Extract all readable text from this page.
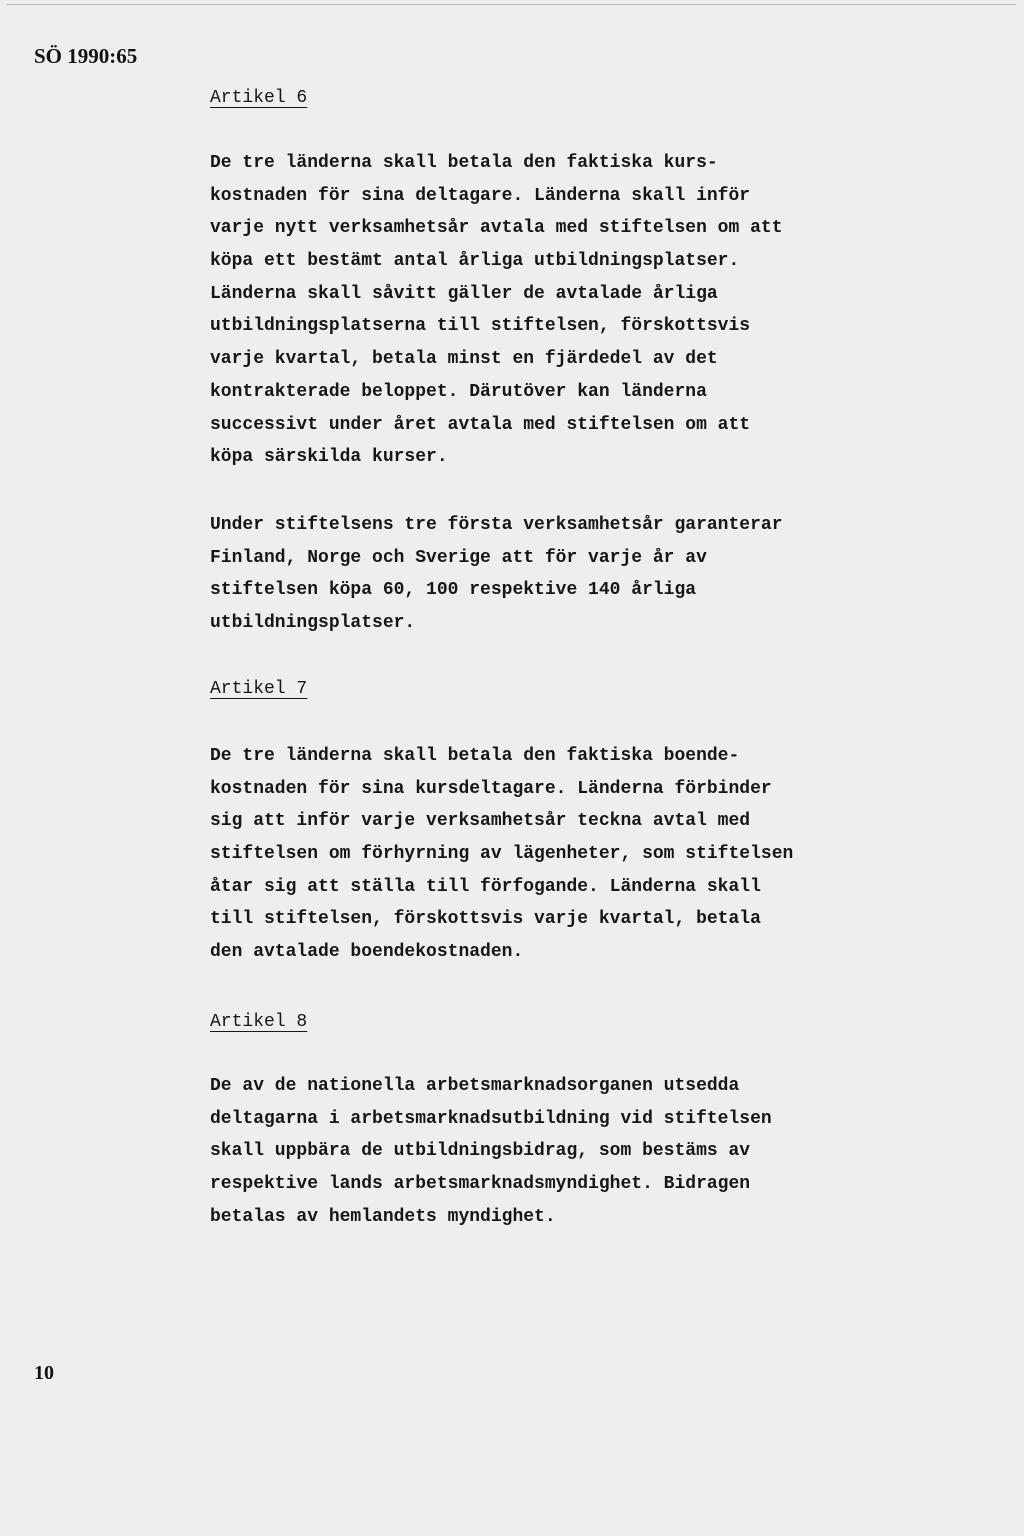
SÖ 1990:65
Artikel 6
De tre länderna skall betala den faktiska kurs-
kostnaden för sina deltagare. Länderna skall inför
varje nytt verksamhetsår avtala med stiftelsen om att
köpa ett bestämt antal årliga utbildningsplatser.
Länderna skall såvitt gäller de avtalade årliga
utbildningsplatserna till stiftelsen, förskottsvis
varje kvartal, betala minst en fjärdedel av det
kontrakterade beloppet. Därutöver kan länderna
successivt under året avtala med stiftelsen om att
köpa särskilda kurser.
Under stiftelsens tre första verksamhetsår garanterar
Finland, Norge och Sverige att för varje år av
stiftelsen köpa 60, 100 respektive 140 årliga
utbildningsplatser.
Artikel 7
De tre länderna skall betala den faktiska boende-
kostnaden för sina kursdeltagare. Länderna förbinder
sig att inför varje verksamhetsår teckna avtal med
stiftelsen om förhyrning av lägenheter, som stiftelsen
åtar sig att ställa till förfogande. Länderna skall
till stiftelsen, förskottsvis varje kvartal, betala
den avtalade boendekostnaden.
Artikel 8
De av de nationella arbetsmarknadsorganen utsedda
deltagarna i arbetsmarknadsutbildning vid stiftelsen
skall uppbära de utbildningsbidrag, som bestäms av
respektive lands arbetsmarknadsmyndighet. Bidragen
betalas av hemlandets myndighet.
10
